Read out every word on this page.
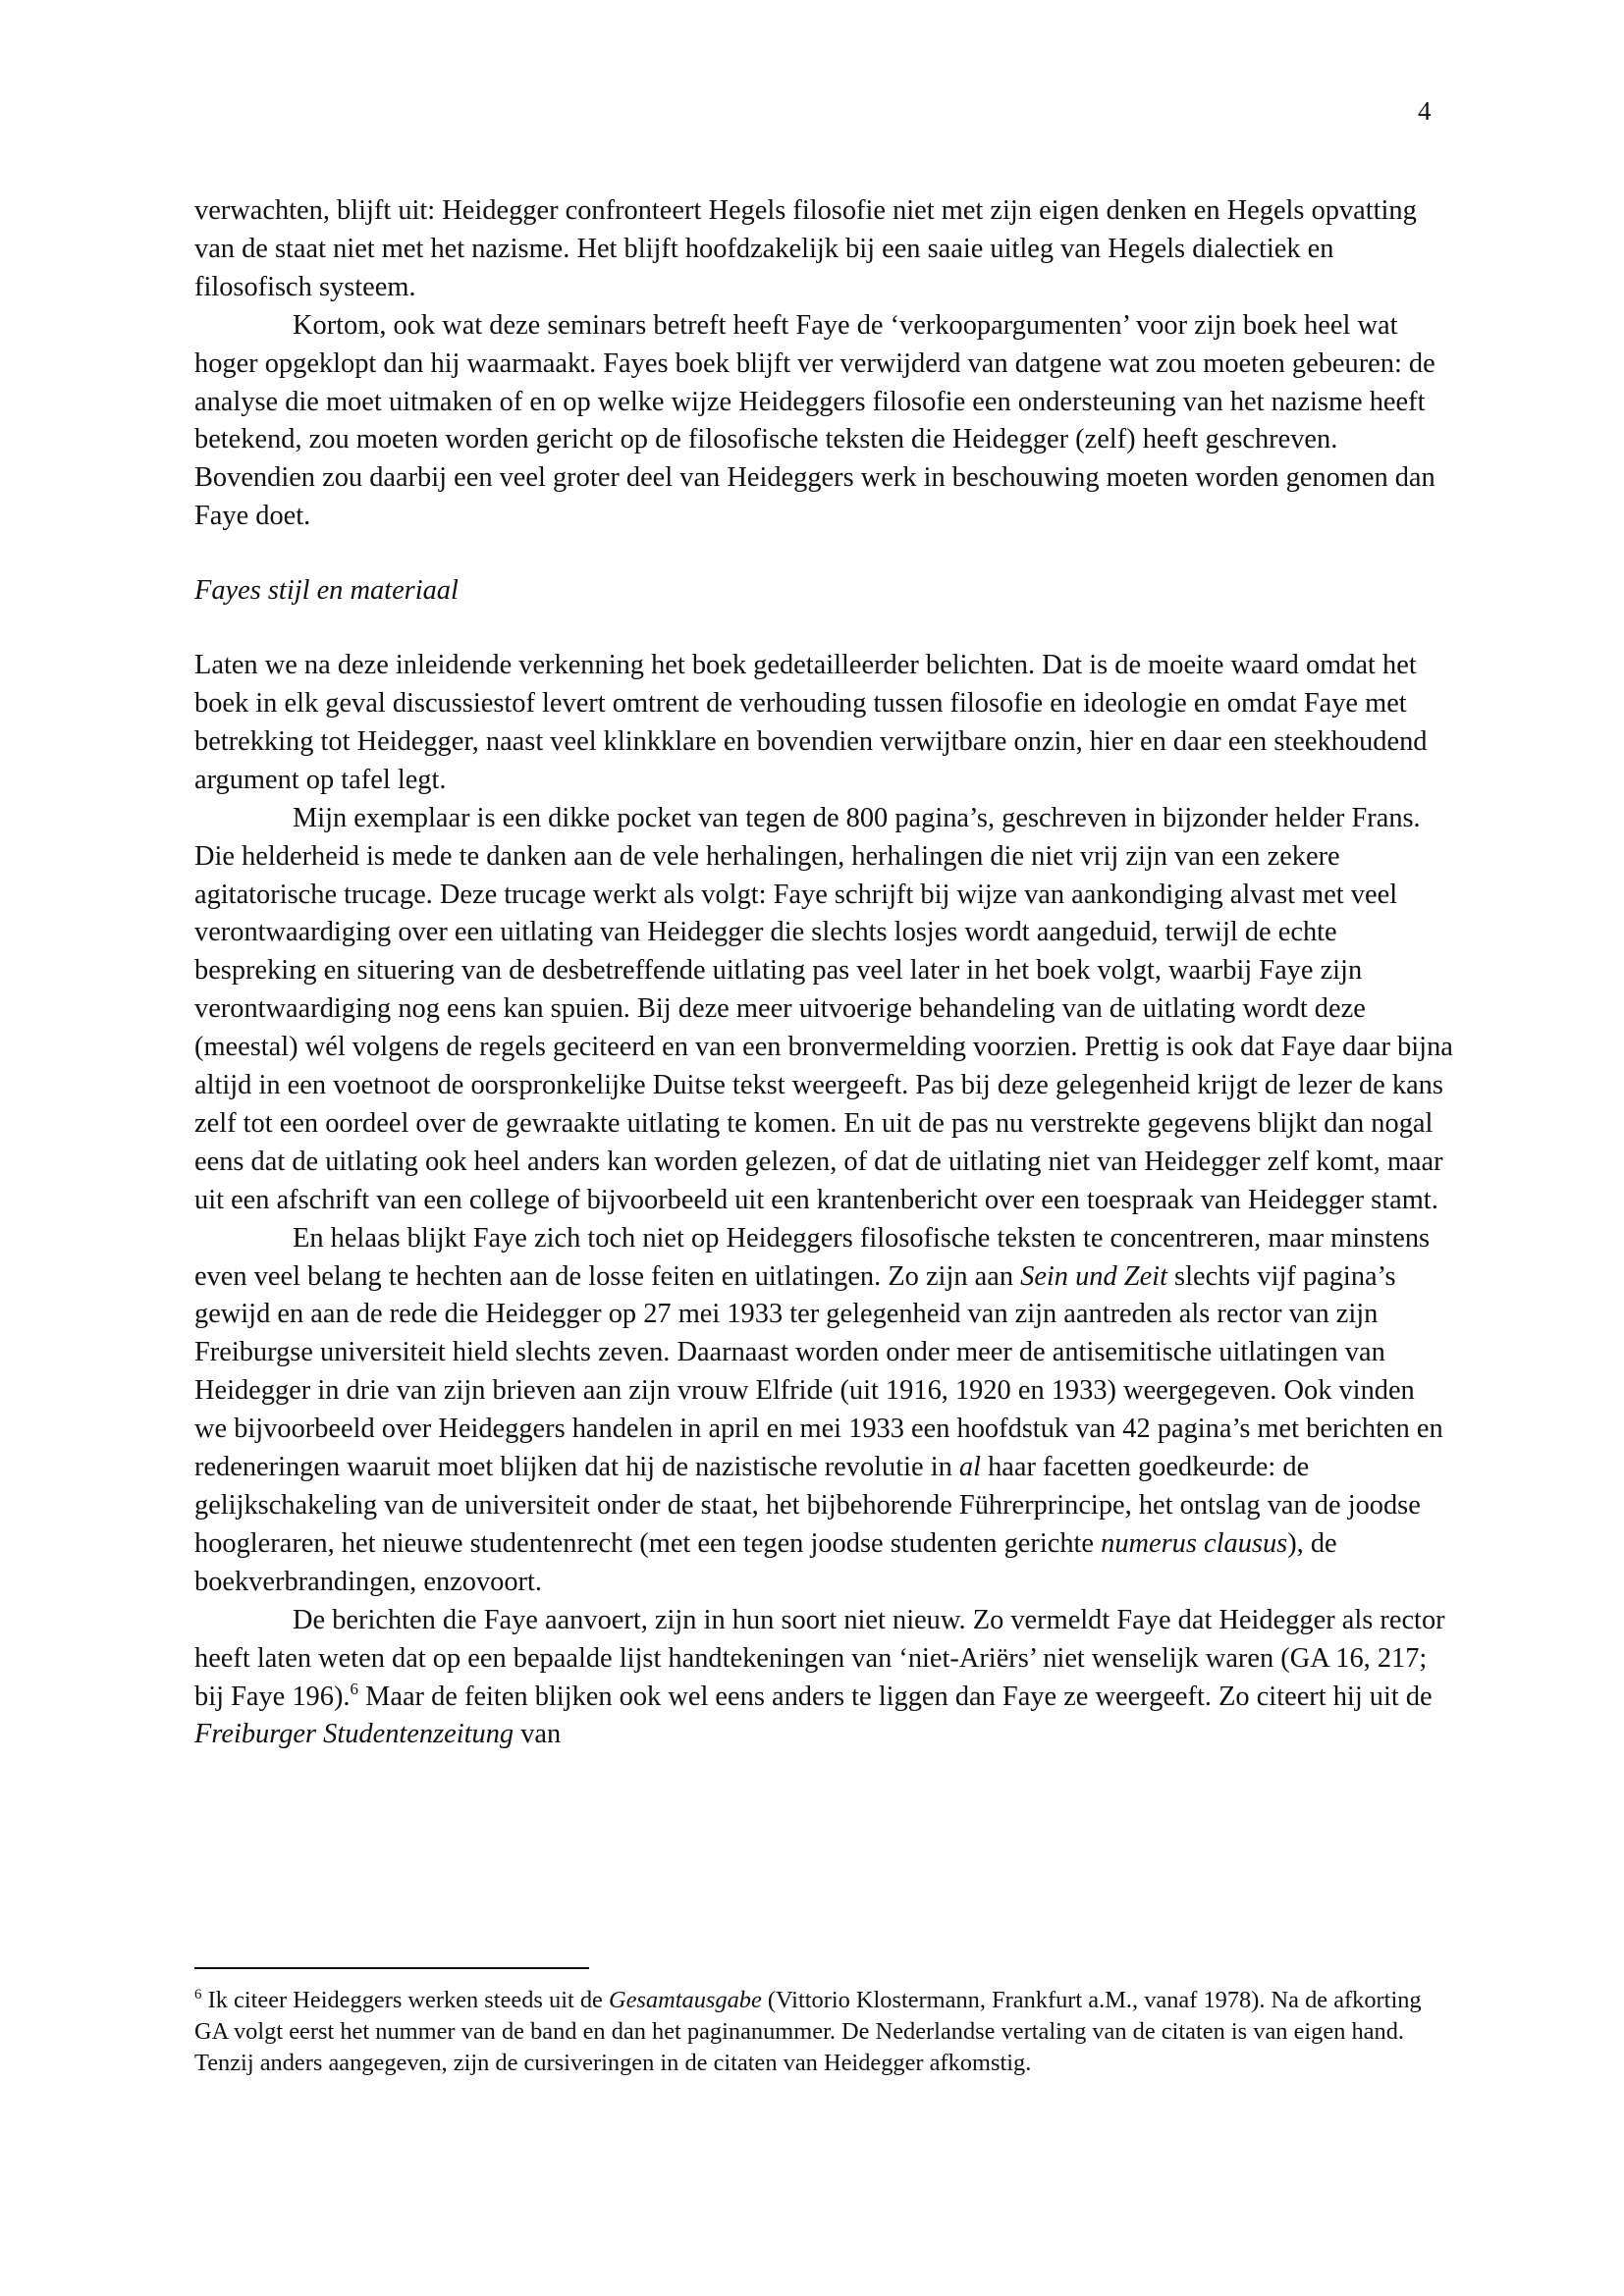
4

verwachten, blijft uit: Heidegger confronteert Hegels filosofie niet met zijn eigen denken en Hegels opvatting van de staat niet met het nazisme. Het blijft hoofdzakelijk bij een saaie uitleg van Hegels dialectiek en filosofisch systeem.

Kortom, ook wat deze seminars betreft heeft Faye de ‘verkoopargumenten’ voor zijn boek heel wat hoger opgeklopt dan hij waarmaakt. Fayes boek blijft ver verwijderd van datgene wat zou moeten gebeuren: de analyse die moet uitmaken of en op welke wijze Heideggers filosofie een ondersteuning van het nazisme heeft betekend, zou moeten worden gericht op de filosofische teksten die Heidegger (zelf) heeft geschreven. Bovendien zou daarbij een veel groter deel van Heideggers werk in beschouwing moeten worden genomen dan Faye doet.

Fayes stijl en materiaal

Laten we na deze inleidende verkenning het boek gedetailleerder belichten. Dat is de moeite waard omdat het boek in elk geval discussiestof levert omtrent de verhouding tussen filosofie en ideologie en omdat Faye met betrekking tot Heidegger, naast veel klinkklare en bovendien verwijtbare onzin, hier en daar een steekhoudend argument op tafel legt.

Mijn exemplaar is een dikke pocket van tegen de 800 pagina’s, geschreven in bijzonder helder Frans. Die helderheid is mede te danken aan de vele herhalingen, herhalingen die niet vrij zijn van een zekere agitatorische trucage. Deze trucage werkt als volgt: Faye schrijft bij wijze van aankondiging alvast met veel verontwaardiging over een uitlating van Heidegger die slechts losjes wordt aangeduid, terwijl de echte bespreking en situering van de desbetreffende uitlating pas veel later in het boek volgt, waarbij Faye zijn verontwaardiging nog eens kan spuien. Bij deze meer uitvoerige behandeling van de uitlating wordt deze (meestal) wél volgens de regels geciteerd en van een bronvermelding voorzien. Prettig is ook dat Faye daar bijna altijd in een voetnoot de oorspronkelijke Duitse tekst weergeeft. Pas bij deze gelegenheid krijgt de lezer de kans zelf tot een oordeel over de gewraakte uitlating te komen. En uit de pas nu verstrekte gegevens blijkt dan nogal eens dat de uitlating ook heel anders kan worden gelezen, of dat de uitlating niet van Heidegger zelf komt, maar uit een afschrift van een college of bijvoorbeeld uit een krantenbericht over een toespraak van Heidegger stamt.

En helaas blijkt Faye zich toch niet op Heideggers filosofische teksten te concentreren, maar minstens even veel belang te hechten aan de losse feiten en uitlatingen. Zo zijn aan Sein und Zeit slechts vijf pagina’s gewijd en aan de rede die Heidegger op 27 mei 1933 ter gelegenheid van zijn aantreden als rector van zijn Freiburgse universiteit hield slechts zeven. Daarnaast worden onder meer de antisemitische uitlatingen van Heidegger in drie van zijn brieven aan zijn vrouw Elfride (uit 1916, 1920 en 1933) weergegeven. Ook vinden we bijvoorbeeld over Heideggers handelen in april en mei 1933 een hoofdstuk van 42 pagina’s met berichten en redeneringen waaruit moet blijken dat hij de nazistische revolutie in al haar facetten goedkeurde: de gelijkschakeling van de universiteit onder de staat, het bijbehorende Führerprincipe, het ontslag van de joodse hoogleraren, het nieuwe studentenrecht (met een tegen joodse studenten gerichte numerus clausus), de boekverbrandingen, enzovoort.

De berichten die Faye aanvoert, zijn in hun soort niet nieuw. Zo vermeldt Faye dat Heidegger als rector heeft laten weten dat op een bepaalde lijst handtekeningen van ‘niet-Ariërs’ niet wenselijk waren (GA 16, 217; bij Faye 196).$^6$ Maar de feiten blijken ook wel eens anders te liggen dan Faye ze weergeeft. Zo citeert hij uit de Freiburger Studentenzeitung van

$^6$ Ik citeer Heideggers werken steeds uit de Gesamtausgabe (Vittorio Klostermann, Frankfurt a.M., vanaf 1978). Na de afkorting GA volgt eerst het nummer van de band en dan het paginanummer. De Nederlandse vertaling van de citaten is van eigen hand. Tenzij anders aangegeven, zijn de cursiveringen in de citaten van Heidegger afkomstig.
